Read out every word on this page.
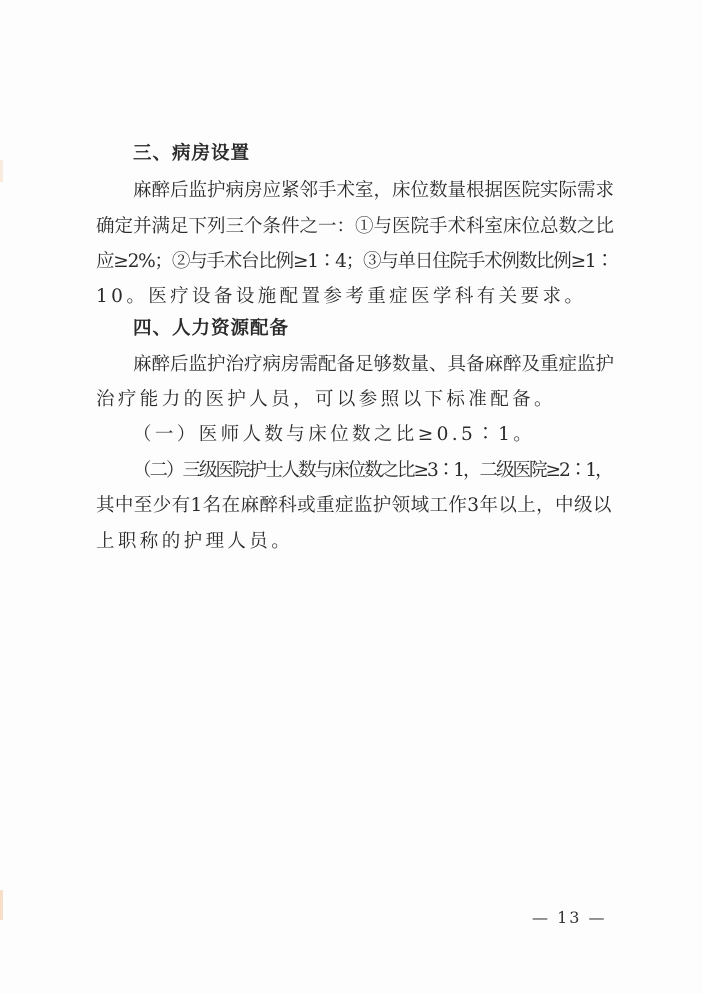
三、病房设置
麻醉后监护病房应紧邻手术室，床位数量根据医院实际需求
确定并满足下列三个条件之一：①与医院手术科室床位总数之比
应≥2%；②与手术台比例≥1∶4；③与单日住院手术例数比例≥1∶
10。医疗设备设施配置参考重症医学科有关要求。
四、人力资源配备
麻醉后监护治疗病房需配备足够数量、具备麻醉及重症监护
治疗能力的医护人员，可以参照以下标准配备。
（一）医师人数与床位数之比≥0.5∶1。
（二）三级医院护士人数与床位数之比≥3∶1，二级医院≥2∶1，
其中至少有1名在麻醉科或重症监护领域工作3年以上，中级以
上职称的护理人员。
— 13 —
